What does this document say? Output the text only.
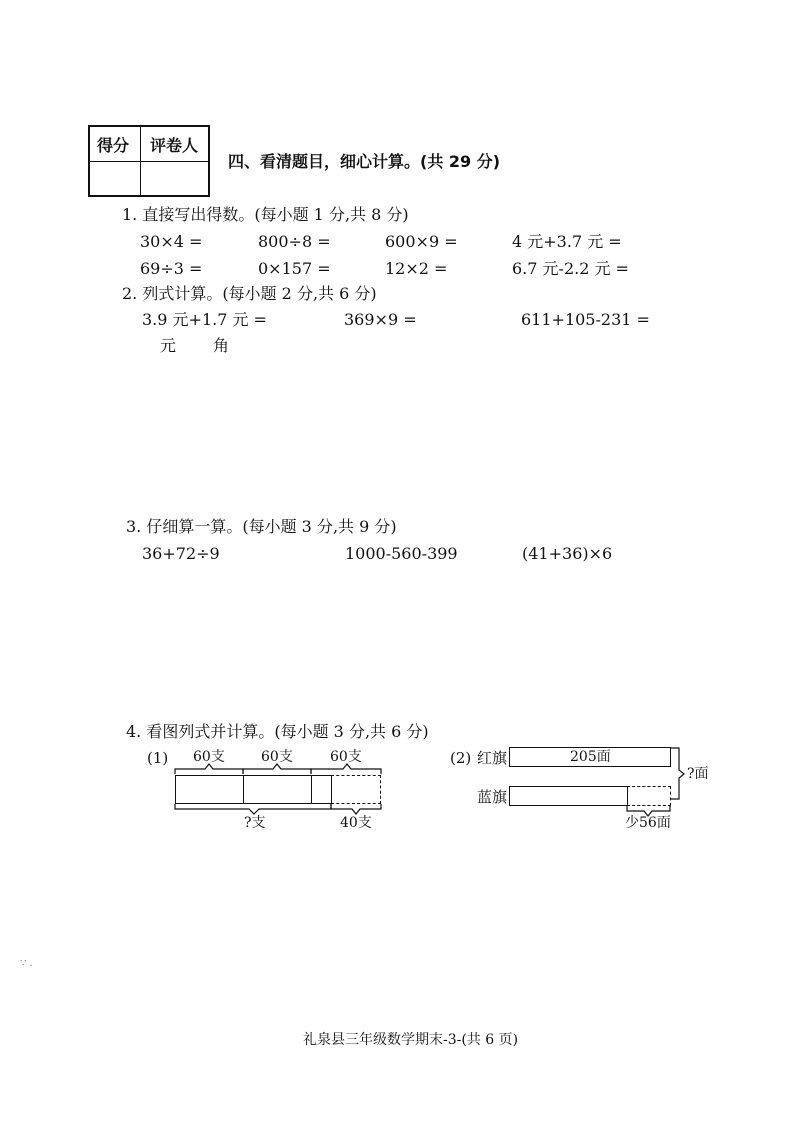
得分 评卷人
四、看清题目，细心计算。(共 29 分)
1. 直接写出得数。(每小题 1 分,共 8 分)
30×4 =	800÷8 =	600×9 =	4 元+3.7 元 =
69÷3 =	0×157 =	12×2 =	6.7 元-2.2 元 =
2. 列式计算。(每小题 2 分,共 6 分)
3.9 元+1.7 元 =	369×9 =	611+105-231 =
元 角
3. 仔细算一算。(每小题 3 分,共 9 分)
36+72÷9	1000-560-399	(41+36)×6
4. 看图列式并计算。(每小题 3 分,共 6 分)
(1) 60支	60支	60支
?支	40支
(2) 红旗	205面
蓝旗
?面
少56面
∵ .
礼泉县三年级数学期末-3-(共 6 页)
